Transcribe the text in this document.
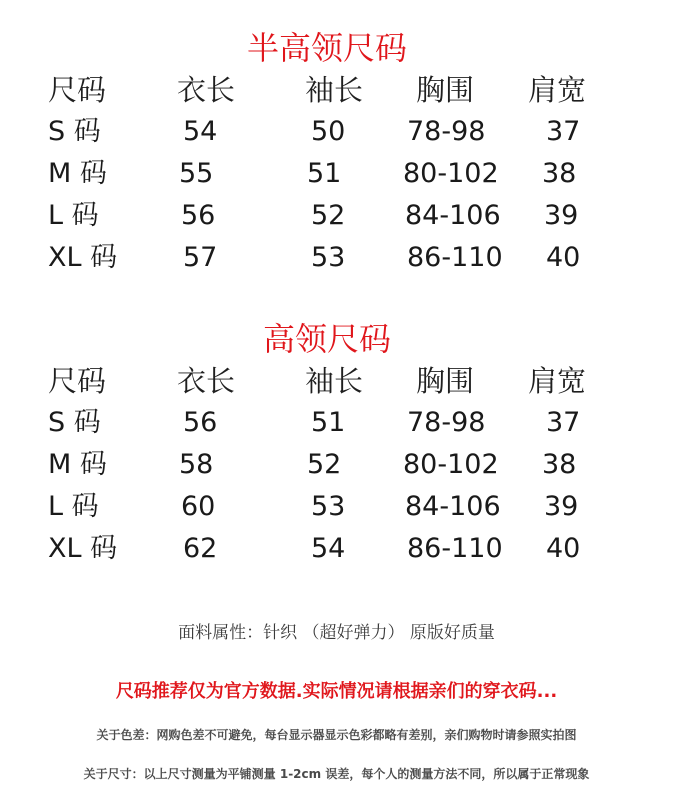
半高领尺码
尺码 衣长 袖长 胸围 肩宽
S 码	54	50 78-98 37
M 码	55	51 80-102 38
L 码	56	52 84-106 39
XL 码 57	53 86-110 40
高领尺码
尺码 衣长 袖长 胸围 肩宽
S 码	56	51 78-98 37
M 码	58	52 80-102 38
L 码	60	53 84-106 39
XL 码 62	54 86-110 40
面料属性：针织 （超好弹力） 原版好质量
尺码推荐仅为官方数据.实际情况请根据亲们的穿衣码...
关于色差：网购色差不可避免，每台显示器显示色彩都略有差别，亲们购物时请参照实拍图
关于尺寸：以上尺寸测量为平铺测量 1-2cm 误差，每个人的测量方法不同，所以属于正常现象
